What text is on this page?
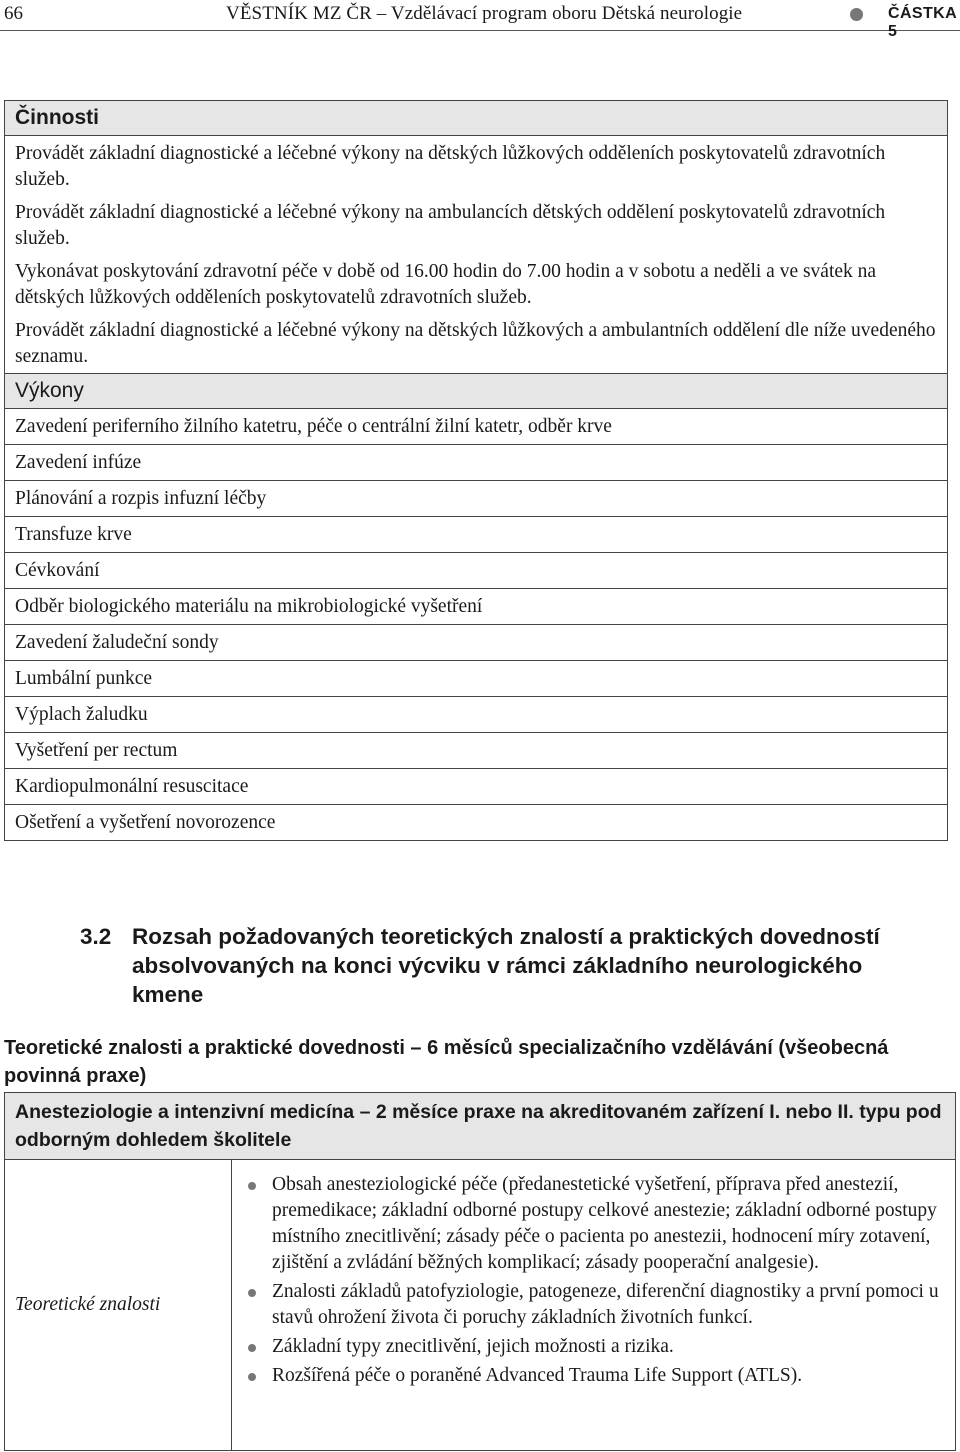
66	VĚSTNÍK MZ ČR – Vzdělávací program oboru Dětská neurologie	ČÁSTKA 5
Činnosti

Provádět základní diagnostické a léčebné výkony na dětských lůžkových odděleních poskytovatelů zdravotních služeb.

Provádět základní diagnostické a léčebné výkony na ambulancích dětských oddělení poskytovatelů zdravotních služeb.

Vykonávat poskytování zdravotní péče v době od 16.00 hodin do 7.00 hodin a v sobotu a neděli a ve svátek na dětských lůžkových odděleních poskytovatelů zdravotních služeb.

Provádět základní diagnostické a léčebné výkony na dětských lůžkových a ambulantních oddělení dle níže uvedeného seznamu.

Výkony
Zavedení periferního žilního katetru, péče o centrální žilní katetr, odběr krve
Zavedení infúze
Plánování a rozpis infuzní léčby
Transfuze krve
Cévkování
Odběr biologického materiálu na mikrobiologické vyšetření
Zavedení žaludeční sondy
Lumbální punkce
Výplach žaludku
Vyšetření per rectum
Kardiopulmonální resuscitace
Ošetření a vyšetření novorozence
3.2 Rozsah požadovaných teoretických znalostí a praktických dovedností absolvovaných na konci výcviku v rámci základního neurologického kmene
Teoretické znalosti a praktické dovednosti – 6 měsíců specializačního vzdělávání (všeobecná povinná praxe)
Anesteziologie a intenzivní medicína – 2 měsíce praxe na akreditovaném zařízení I. nebo II. typu pod odborným dohledem školitele
Teoretické znalosti	
Obsah anesteziologické péče (předanestetické vyšetření, příprava před anestezií, premedikace; základní odborné postupy celkové anestezie; základní odborné postupy místního znecitlivění; zásady péče o pacienta po anestezii, hodnocení míry zotavení, zjištění a zvládání běžných komplikací; zásady pooperační analgesie).
Znalosti základů patofyziologie, patogeneze, diferenční diagnostiky a první pomoci u stavů ohrožení života či poruchy základních životních funkcí.
Základní typy znecitlivění, jejich možnosti a rizika.
Rozšířená péče o poraněné Advanced Trauma Life Support (ATLS).
